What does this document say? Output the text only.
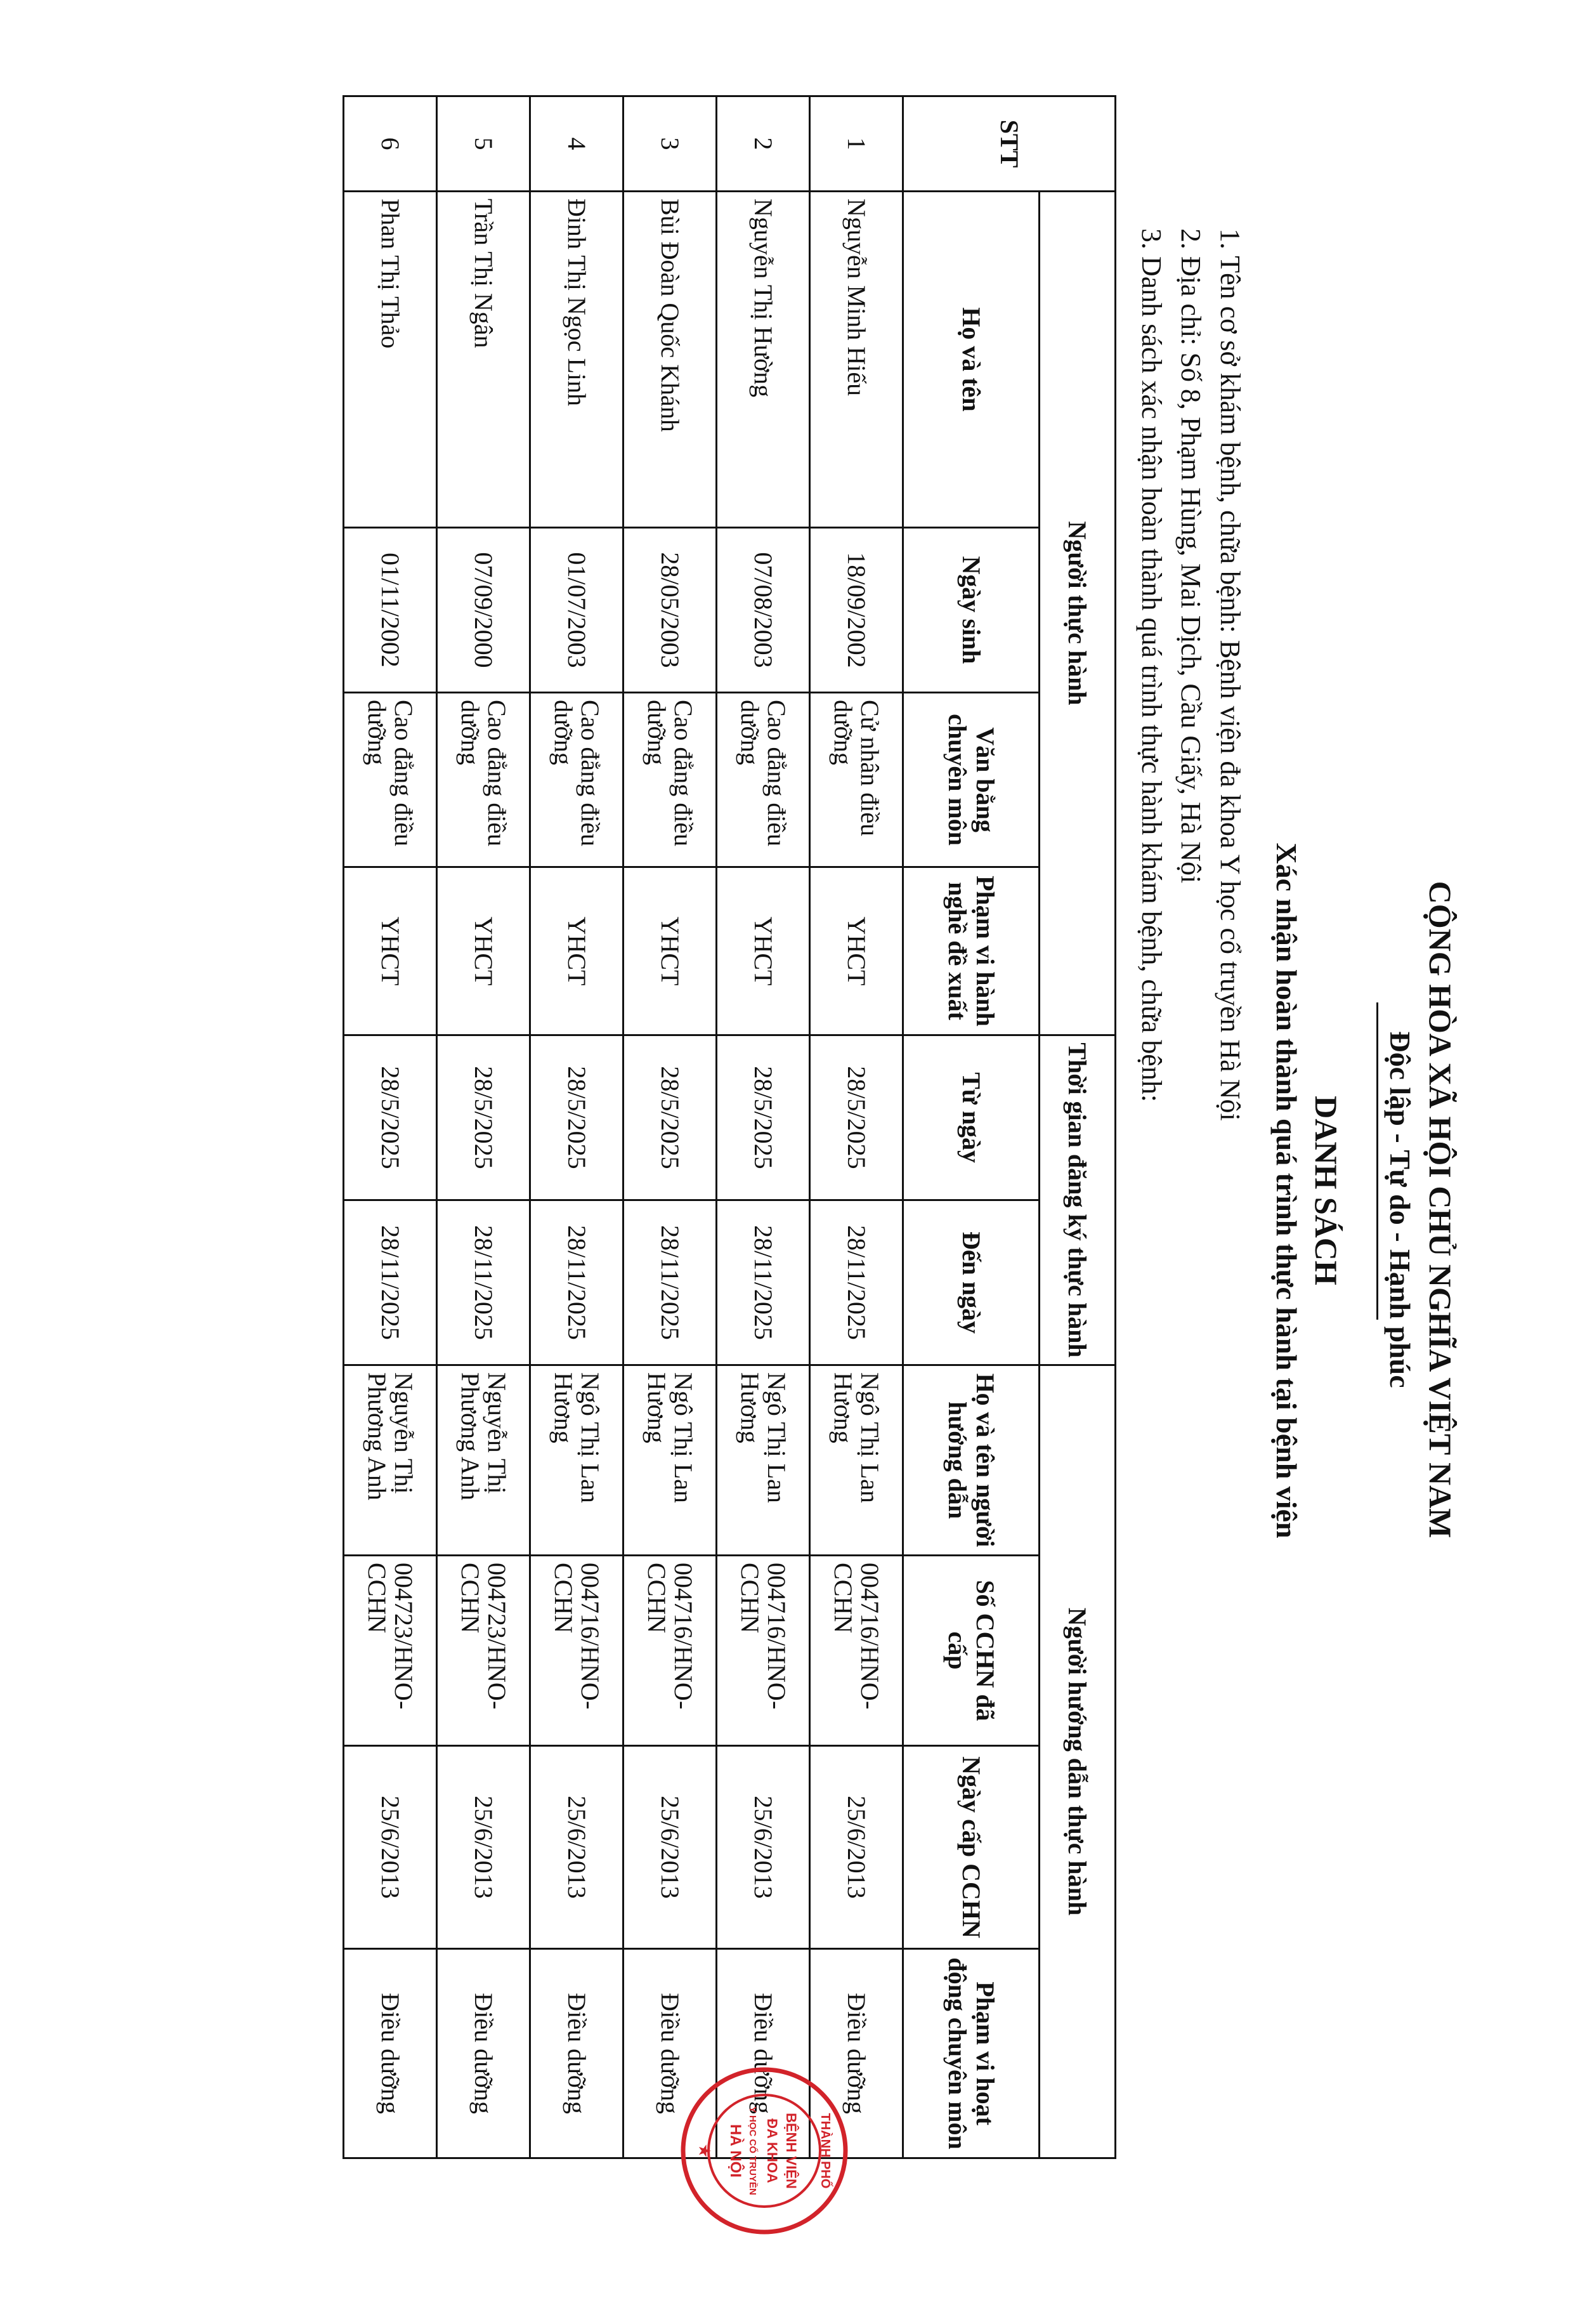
CỘNG HÒA XÃ HỘI CHỦ NGHĨA VIỆT NAM
Độc lập - Tự do - Hạnh phúc
DANH SÁCH
Xác nhận hoàn thành quá trình thực hành tại bệnh viện
1. Tên cơ sở khám bệnh, chữa bệnh: Bệnh viện đa khoa Y học cổ truyền Hà Nội
2. Địa chỉ: Số 8, Phạm Hùng, Mai Dịch, Cầu Giấy, Hà Nội
3. Danh sách xác nhận hoàn thành quá trình thực hành khám bệnh, chữa bệnh:
STT	Người thực hành				Thời gian đăng ký thực hành		Người hướng dẫn thực hành			
	Họ và tên	Ngày sinh	Văn bằng chuyên môn	Phạm vi hành nghề đề xuất	Từ ngày	Đến ngày	Họ và tên người hướng dẫn	Số CCHN đã cấp	Ngày cấp CCHN	Phạm vi hoạt động chuyên môn
1	Nguyễn Minh Hiếu	18/09/2002	Cử nhân điều dưỡng	YHCT	28/5/2025	28/11/2025	Ngô Thị Lan Hương	004716/HNO-CCHN	25/6/2013	Điều dưỡng
2	Nguyễn Thị Hường	07/08/2003	Cao đẳng điều dưỡng	YHCT	28/5/2025	28/11/2025	Ngô Thị Lan Hương	004716/HNO-CCHN	25/6/2013	Điều dưỡng
3	Bùi Đoàn Quốc Khánh	28/05/2003	Cao đẳng điều dưỡng	YHCT	28/5/2025	28/11/2025	Ngô Thị Lan Hương	004716/HNO-CCHN	25/6/2013	Điều dưỡng
4	Đinh Thị Ngọc Linh	01/07/2003	Cao đẳng điều dưỡng	YHCT	28/5/2025	28/11/2025	Ngô Thị Lan Hương	004716/HNO-CCHN	25/6/2013	Điều dưỡng
5	Trần Thị Ngân	07/09/2000	Cao đẳng điều dưỡng	YHCT	28/5/2025	28/11/2025	Nguyễn Thị Phương Anh	004723/HNO-CCHN	25/6/2013	Điều dưỡng
6	Phan Thị Thảo	01/11/2002	Cao đẳng điều dưỡng	YHCT	28/5/2025	28/11/2025	Nguyễn Thị Phương Anh	004723/HNO-CCHN	25/6/2013	Điều dưỡng
THÀNH PHỐ
BỆNH VIỆN
ĐA KHOA
Y HỌC CỔ TRUYỀN
HÀ NỘI
★
